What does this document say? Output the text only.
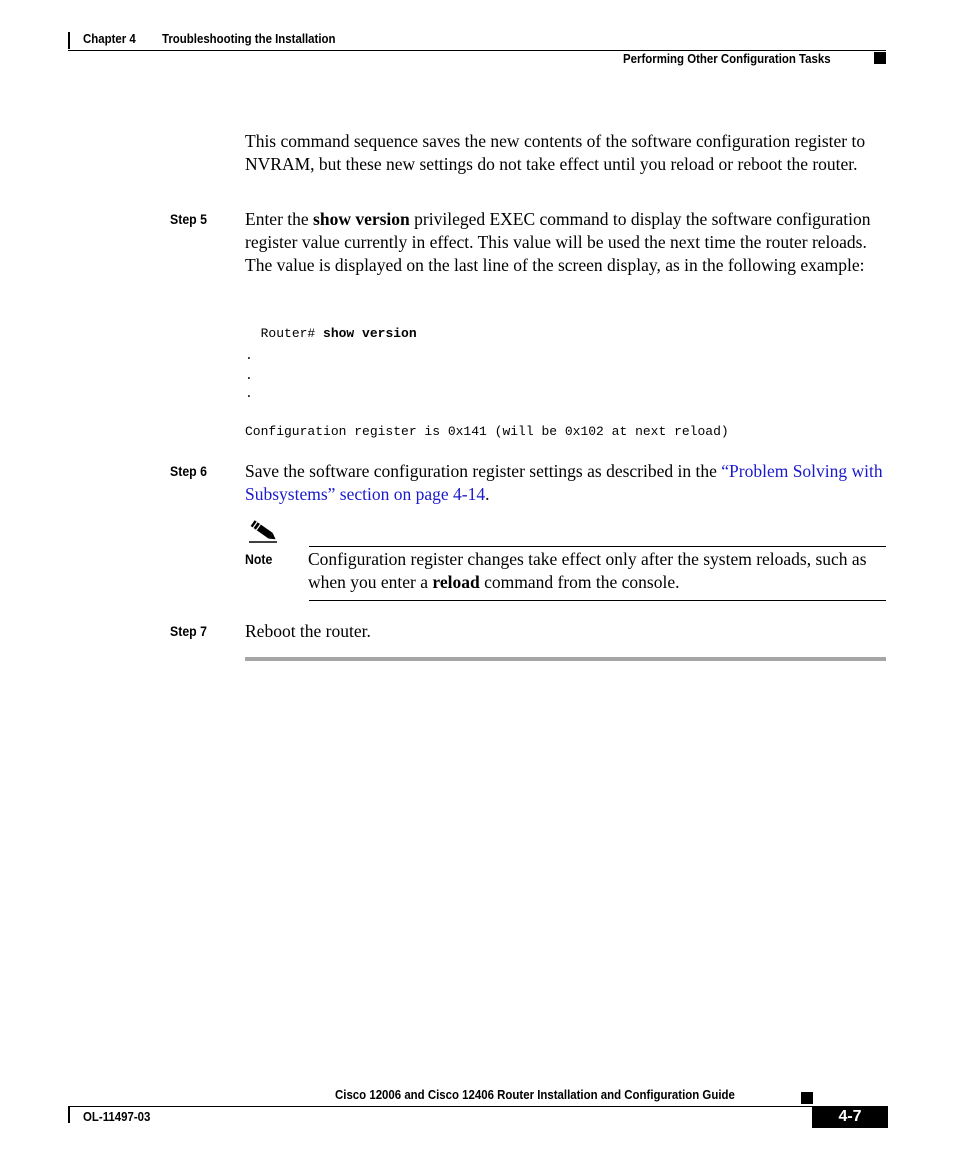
Chapter 4 Troubleshooting the Installation
Performing Other Configuration Tasks
This command sequence saves the new contents of the software configuration register to NVRAM, but these new settings do not take effect until you reload or reboot the router.
Step 5 Enter the show version privileged EXEC command to display the software configuration register value currently in effect. This value will be used the next time the router reloads. The value is displayed on the last line of the screen display, as in the following example:

Router# show version

.
.
.
Configuration register is 0x141 (will be 0x102 at next reload)
Step 6 Save the software configuration register settings as described in the “Problem Solving with Subsystems” section on page 4-14.
Note Configuration register changes take effect only after the system reloads, such as when you enter a reload command from the console.
Step 7 Reboot the router.
Cisco 12006 and Cisco 12406 Router Installation and Configuration Guide
OL-11497-03	4-7
